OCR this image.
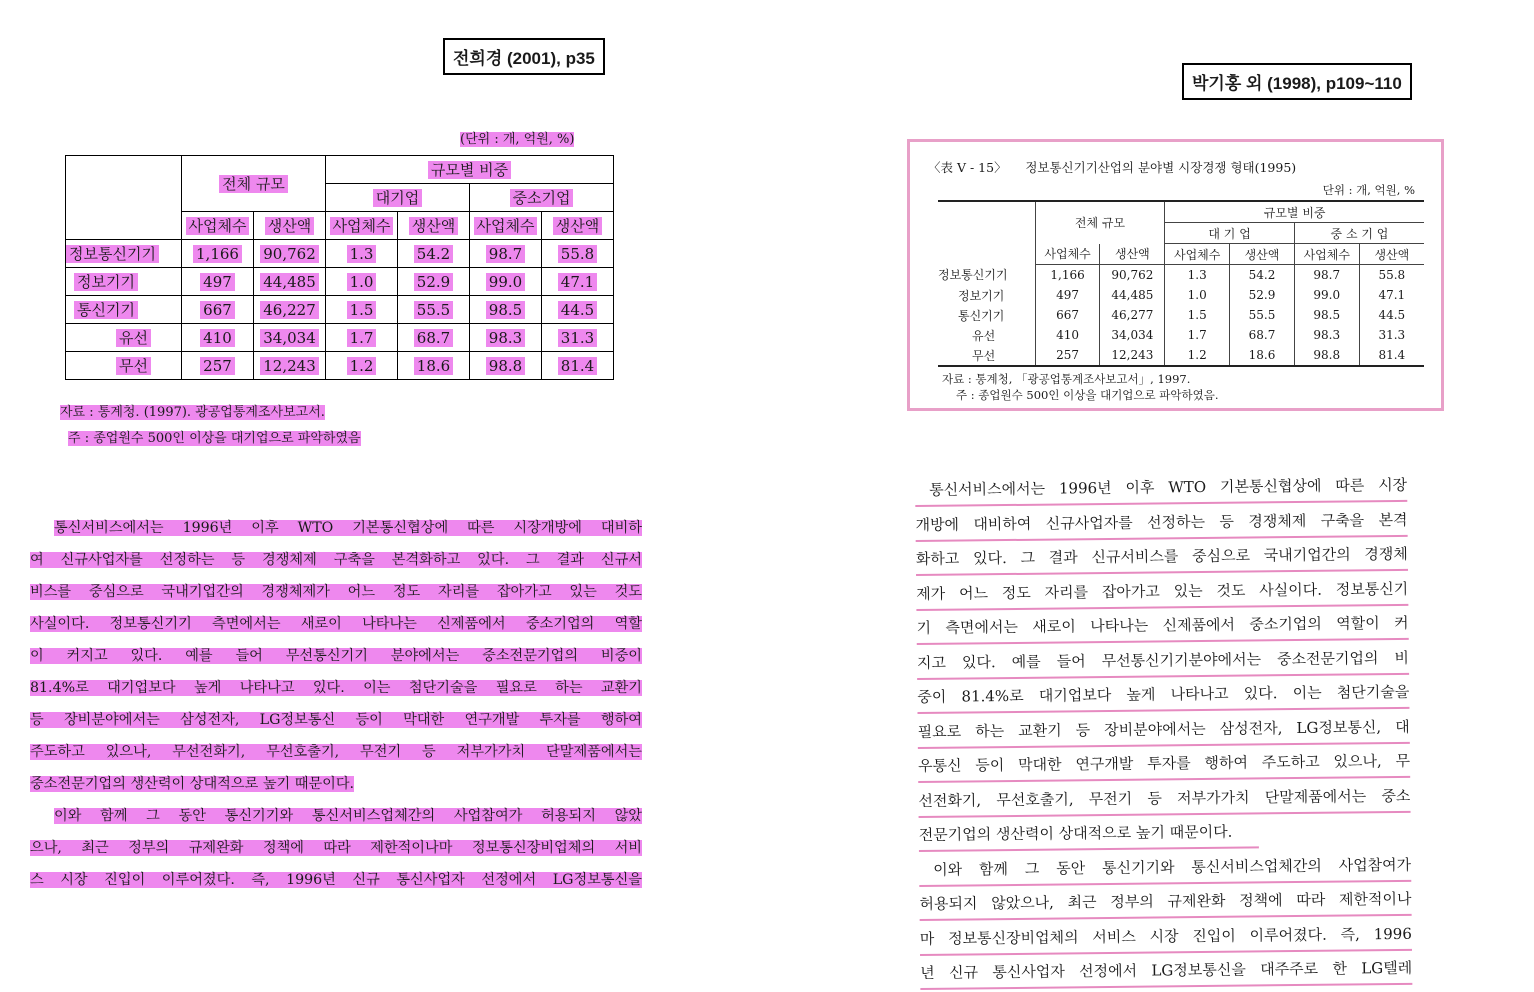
전희경 (2001), p35
(단위 : 개, 억원, %)
	전체 규모		규모별 비중			
			대기업		중소기업	
	사업체수	생산액	사업체수	생산액	사업체수	생산액
정보통신기기	1,166	90,762	1.3	54.2	98.7	55.8
정보기기	497	44,485	1.0	52.9	99.0	47.1
통신기기	667	46,227	1.5	55.5	98.5	44.5
유선	410	34,034	1.7	68.7	98.3	31.3
무선	257	12,243	1.2	18.6	98.8	81.4
자료 : 통계청. (1997). 광공업통계조사보고서.
주 : 종업원수 500인 이상을 대기업으로 파악하였음
통신서비스에서는 1996년 이후 WTO 기본통신협상에 따른 시장개방에 대비하
여 신규사업자를 선정하는 등 경쟁체제 구축을 본격화하고 있다. 그 결과 신규서
비스를 중심으로 국내기업간의 경쟁체제가 어느 정도 자리를 잡아가고 있는 것도
사실이다. 정보통신기기 측면에서는 새로이 나타나는 신제품에서 중소기업의 역할
이 커지고 있다. 예를 들어 무선통신기기 분야에서는 중소전문기업의 비중이
81.4%로 대기업보다 높게 나타나고 있다. 이는 첨단기술을 필요로 하는 교환기
등 장비분야에서는 삼성전자, LG정보통신 등이 막대한 연구개발 투자를 행하여
주도하고 있으나, 무선전화기, 무선호출기, 무전기 등 저부가가치 단말제품에서는
중소전문기업의 생산력이 상대적으로 높기 때문이다.
이와 함께 그 동안 통신기기와 통신서비스업체간의 사업참여가 허용되지 않았
으나, 최근 정부의 규제완화 정책에 따라 제한적이나마 정보통신장비업체의 서비
스 시장 진입이 이루어졌다. 즉, 1996년 신규 통신사업자 선정에서 LG정보통신을
박기홍 외 (1998), p109~110
〈表 Ⅴ - 15〉　　정보통신기기산업의 분야별 시장경쟁 형태(1995)
단위 : 개, 억원, %
	전체 규모		규모별 비중			
			대 기 업		중 소 기 업	
	사업체수	생산액	사업체수	생산액	사업체수	생산액
정보통신기기	1,166	90,762	1.3	54.2	98.7	55.8
정보기기	497	44,485	1.0	52.9	99.0	47.1
통신기기	667	46,277	1.5	55.5	98.5	44.5
유선	410	34,034	1.7	68.7	98.3	31.3
무선	257	12,243	1.2	18.6	98.8	81.4
자료 : 통계청, 「광공업통계조사보고서」, 1997.
주 : 종업원수 500인 이상을 대기업으로 파악하였음.
통신서비스에서는 1996년 이후 WTO 기본통신협상에 따른 시장
개방에 대비하여 신규사업자를 선정하는 등 경쟁체제 구축을 본격
화하고 있다. 그 결과 신규서비스를 중심으로 국내기업간의 경쟁체
제가 어느 정도 자리를 잡아가고 있는 것도 사실이다. 정보통신기
기 측면에서는 새로이 나타나는 신제품에서 중소기업의 역할이 커
지고 있다. 예를 들어 무선통신기기분야에서는 중소전문기업의 비
중이 81.4%로 대기업보다 높게 나타나고 있다. 이는 첨단기술을
필요로 하는 교환기 등 장비분야에서는 삼성전자, LG정보통신, 대
우통신 등이 막대한 연구개발 투자를 행하여 주도하고 있으나, 무
선전화기, 무선호출기, 무전기 등 저부가가치 단말제품에서는 중소
전문기업의 생산력이 상대적으로 높기 때문이다.
이와 함께 그 동안 통신기기와 통신서비스업체간의 사업참여가
허용되지 않았으나, 최근 정부의 규제완화 정책에 따라 제한적이나
마 정보통신장비업체의 서비스 시장 진입이 이루어졌다. 즉, 1996
년 신규 통신사업자 선정에서 LG정보통신을 대주주로 한 LG텔레
